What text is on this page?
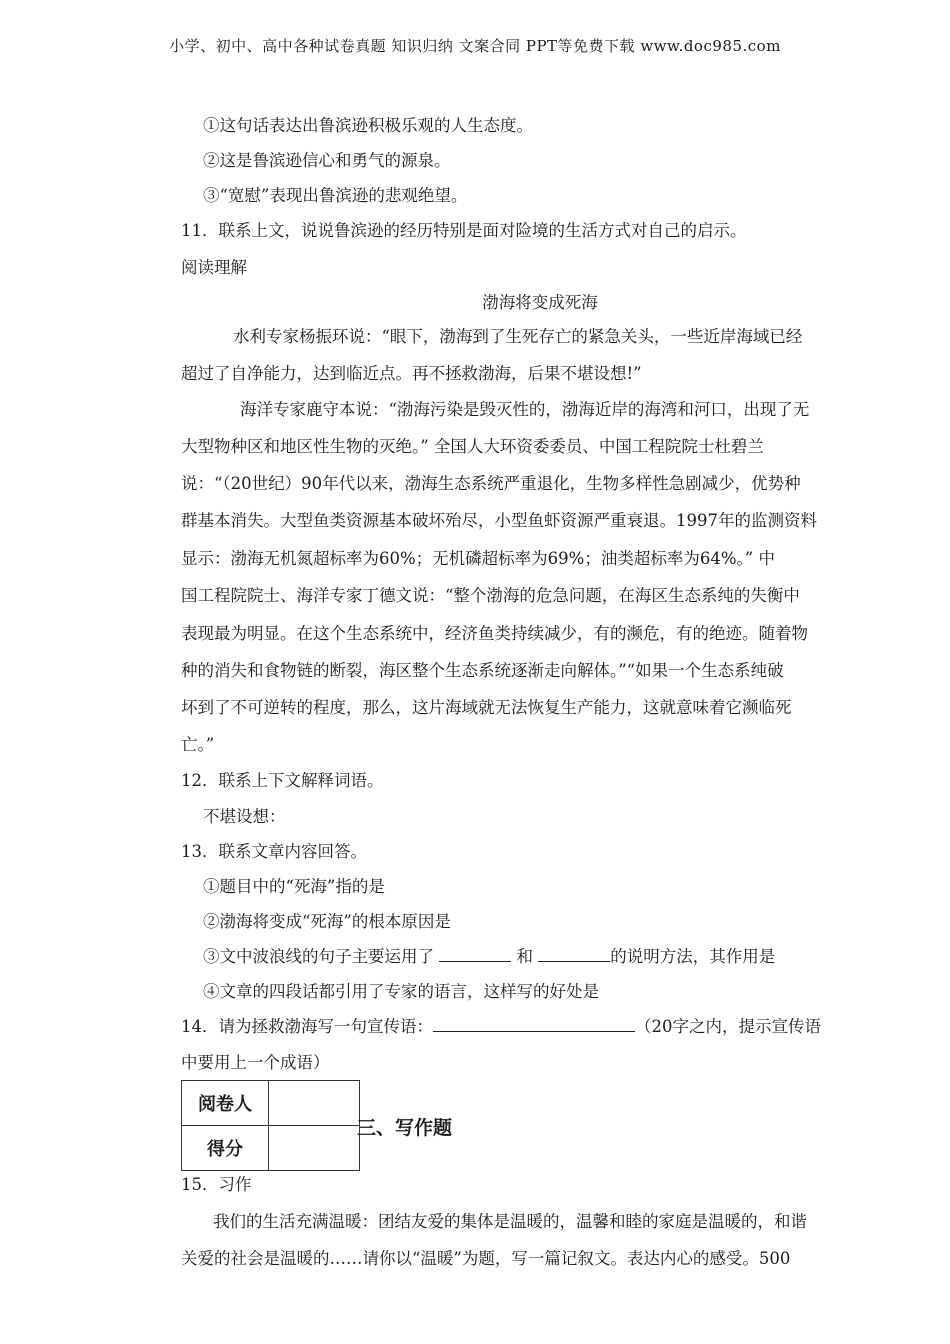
小学、初中、高中各种试卷真题 知识归纳 文案合同 PPT等免费下载 www.doc985.com
①这句话表达出鲁滨逊积极乐观的人生态度。
②这是鲁滨逊信心和勇气的源泉。
③“宽慰”表现出鲁滨逊的悲观绝望。
11．联系上文，说说鲁滨逊的经历特别是面对险境的生活方式对自己的启示。
阅读理解
渤海将变成死海
水利专家杨振环说：“眼下，渤海到了生死存亡的紧急关头，一些近岸海域已经
超过了自净能力，达到临近点。再不拯救渤海，后果不堪设想!”
海洋专家鹿守本说：“渤海污染是毁灭性的，渤海近岸的海湾和河口，出现了无
大型物种区和地区性生物的灭绝。” 全国人大环资委委员、中国工程院院士杜碧兰
说：“（20世纪）90年代以来，渤海生态系统严重退化，生物多样性急剧减少，优势种
群基本消失。大型鱼类资源基本破坏殆尽，小型鱼虾资源严重衰退。1997年的监测资料
显示：渤海无机氮超标率为60%；无机磷超标率为69%；油类超标率为64%。” 中
国工程院院士、海洋专家丁德文说：“整个渤海的危急问题，在海区生态系纯的失衡中
表现最为明显。在这个生态系统中，经济鱼类持续减少，有的濒危，有的绝迹。随着物
种的消失和食物链的断裂，海区整个生态系统逐渐走向解体。”“如果一个生态系纯破
坏到了不可逆转的程度，那么，这片海域就无法恢复生产能力，这就意味着它濒临死
亡。”
12．联系上下文解释词语。
不堪设想：
13．联系文章内容回答。
①题目中的“死海”指的是
②渤海将变成“死海”的根本原因是
③文中波浪线的句子主要运用了	和	的说明方法，其作用是
④文章的四段话都引用了专家的语言，这样写的好处是
14．请为拯救渤海写一句宣传语：	（20字之内，提示宣传语
中要用上一个成语）
阅卷人	
得分	
三、写作题
15．习作
我们的生活充满温暖：团结友爱的集体是温暖的，温馨和睦的家庭是温暖的，和谐
关爱的社会是温暖的……请你以“温暖”为题，写一篇记叙文。表达内心的感受。500
